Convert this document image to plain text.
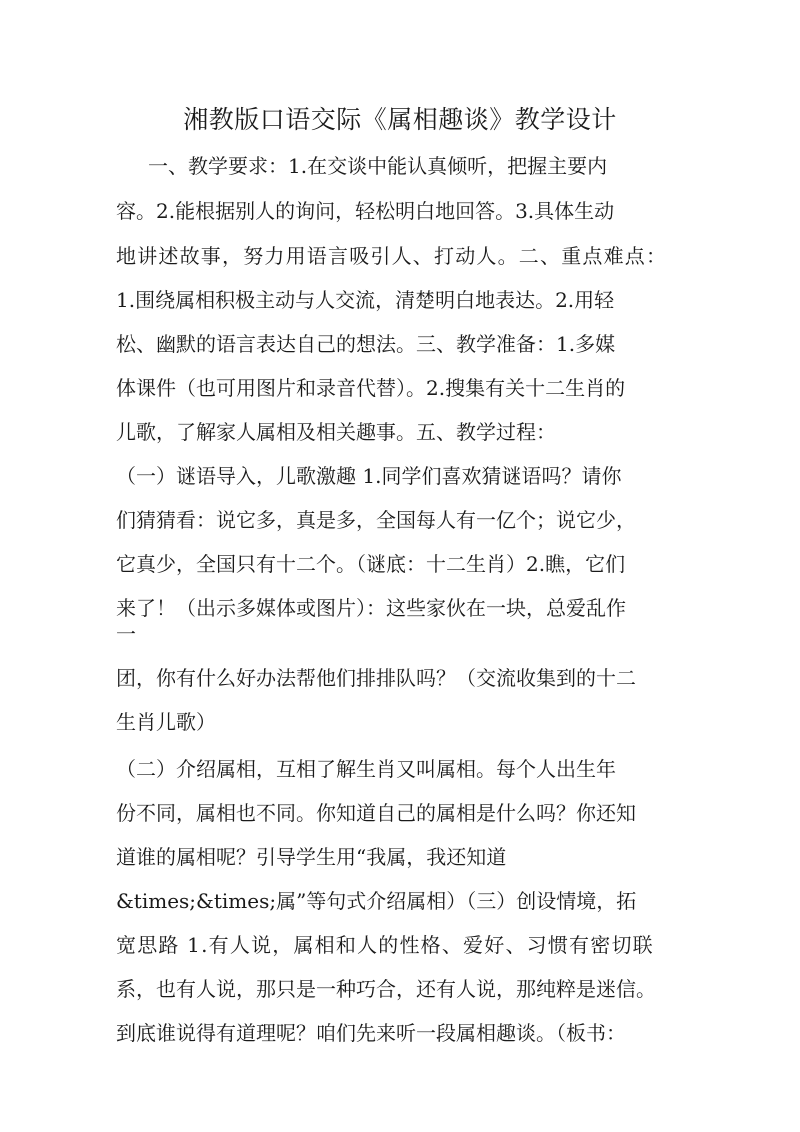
湘教版口语交际《属相趣谈》教学设计
一、教学要求：1.在交谈中能认真倾听，把握主要内
容。2.能根据别人的询问，轻松明白地回答。3.具体生动
地讲述故事，努力用语言吸引人、打动人。二、重点难点：
1.围绕属相积极主动与人交流，清楚明白地表达。2.用轻
松、幽默的语言表达自己的想法。三、教学准备：1.多媒
体课件（也可用图片和录音代替）。2.搜集有关十二生肖的
儿歌，了解家人属相及相关趣事。五、教学过程：
（一）谜语导入，儿歌激趣 1.同学们喜欢猜谜语吗？请你
们猜猜看：说它多，真是多，全国每人有一亿个；说它少，
它真少，全国只有十二个。（谜底：十二生肖）2.瞧，它们
来了！（出示多媒体或图片）：这些家伙在一块，总爱乱作
一
团，你有什么好办法帮他们排排队吗？（交流收集到的十二
生肖儿歌）
（二）介绍属相，互相了解生肖又叫属相。每个人出生年
份不同，属相也不同。你知道自己的属相是什么吗？你还知
道谁的属相呢？引导学生用“我属，我还知道
&times;&times;属”等句式介绍属相）（三）创设情境，拓
宽思路 1.有人说，属相和人的性格、爱好、习惯有密切联
系，也有人说，那只是一种巧合，还有人说，那纯粹是迷信。
到底谁说得有道理呢？咱们先来听一段属相趣谈。（板书：
